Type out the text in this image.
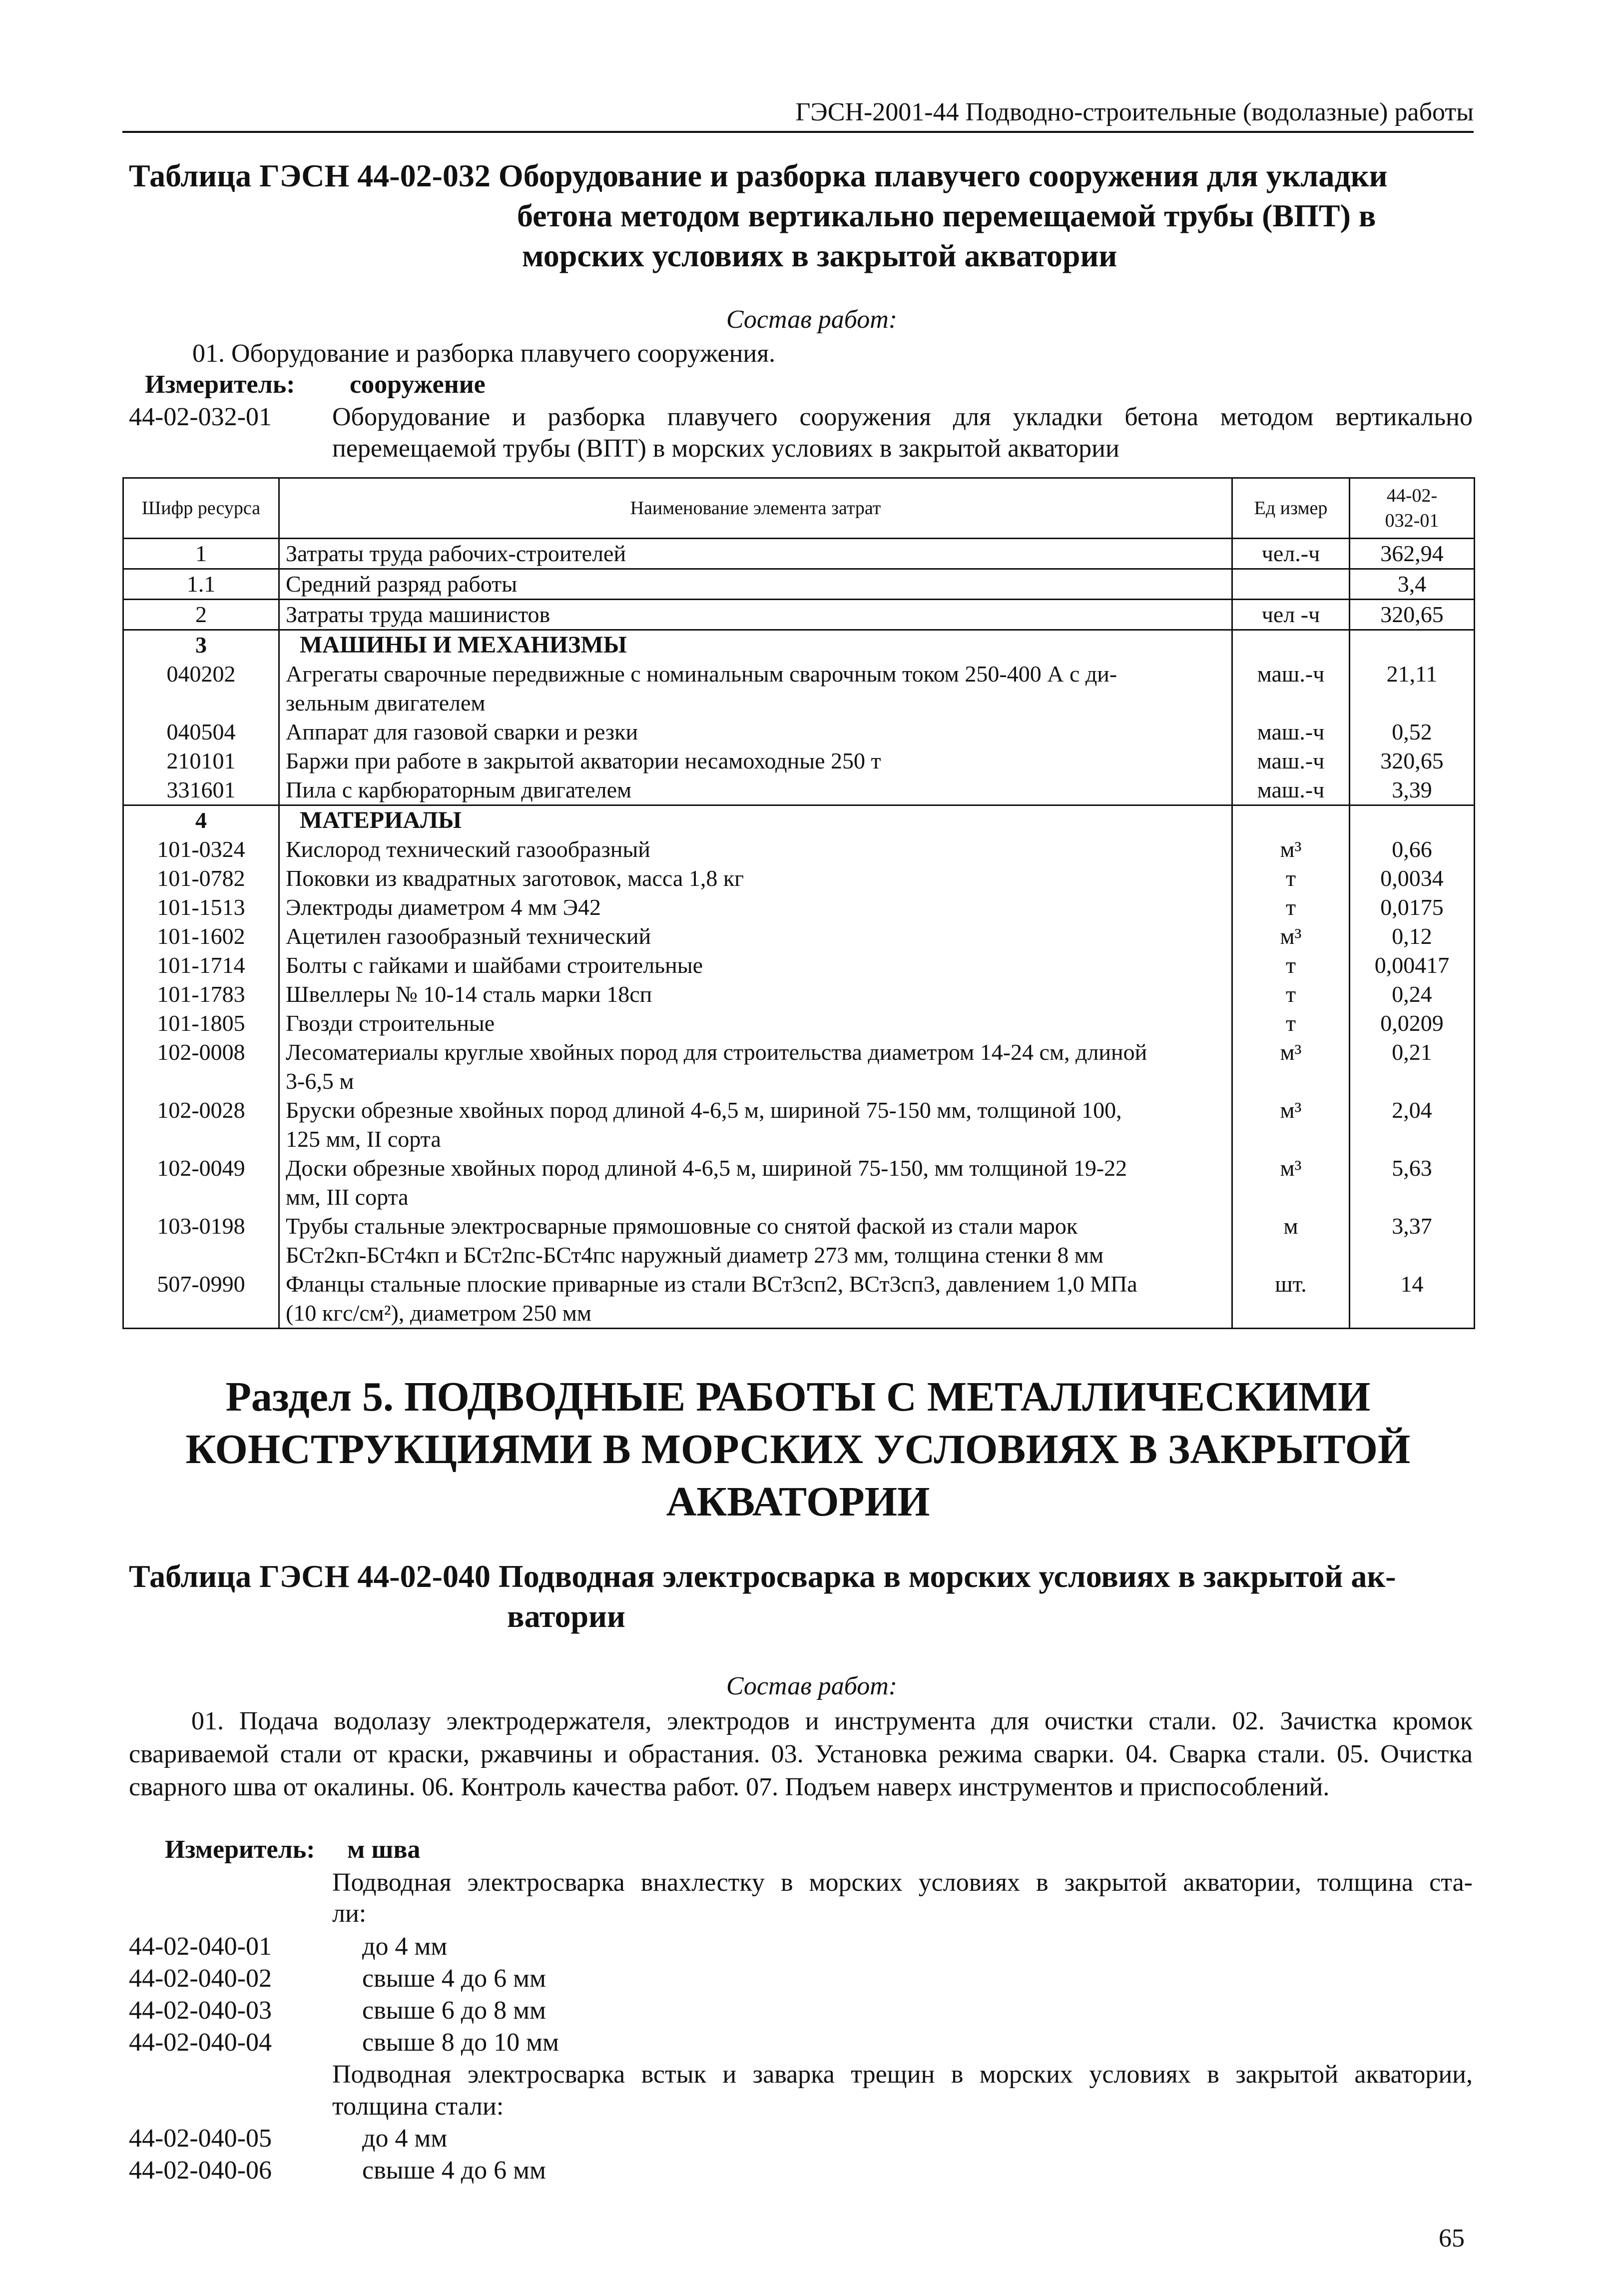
ГЭСН-2001-44 Подводно-строительные (водолазные) работы
Таблица ГЭСН 44-02-032 Оборудование и разборка плавучего сооружения для укладки
бетона методом вертикально перемещаемой трубы (ВПТ) в
морских условиях в закрытой акватории
Состав работ:
01. Оборудование и разборка плавучего сооружения.
Измеритель: сооружение
44-02-032-01 Оборудование и разборка плавучего сооружения для укладки бетона методом вертикально
перемещаемой трубы (ВПТ) в морских условиях в закрытой акватории
Шифр ресурса	Наименование элемента затрат	Ед измер	44-02-
032-01

1	Затраты труда рабочих-строителей	чел.-ч	362,94
1.1	Средний разряд работы		3,4
2	Затраты труда машинистов	чел -ч	320,65
3	МАШИНЫ И МЕХАНИЗМЫ		
040202	Агрегаты сварочные передвижные с номинальным сварочным током 250-400 А с ди-
зельным двигателем	маш.-ч	21,11
040504	Аппарат для газовой сварки и резки	маш.-ч	0,52
210101	Баржи при работе в закрытой акватории несамоходные 250 т	маш.-ч	320,65
331601	Пила с карбюраторным двигателем	маш.-ч	3,39
4	МАТЕРИАЛЫ		
101-0324	Кислород технический газообразный	м³	0,66
101-0782	Поковки из квадратных заготовок, масса 1,8 кг	т	0,0034
101-1513	Электроды диаметром 4 мм Э42	т	0,0175
101-1602	Ацетилен газообразный технический	м³	0,12
101-1714	Болты с гайками и шайбами строительные	т	0,00417
101-1783	Швеллеры № 10-14 сталь марки 18сп	т	0,24
101-1805	Гвозди строительные	т	0,0209
102-0008	Лесоматериалы круглые хвойных пород для строительства диаметром 14-24 см, длиной
3-6,5 м	м³	0,21
102-0028	Бруски обрезные хвойных пород длиной 4-6,5 м, шириной 75-150 мм, толщиной 100,
125 мм, II сорта	м³	2,04
102-0049	Доски обрезные хвойных пород длиной 4-6,5 м, шириной 75-150, мм толщиной 19-22
мм, III сорта	м³	5,63
103-0198	Трубы стальные электросварные прямошовные со снятой фаской из стали марок
БСт2кп-БСт4кп и БСт2пс-БСт4пс наружный диаметр 273 мм, толщина стенки 8 мм	м	3,37
507-0990	Фланцы стальные плоские приварные из стали ВСт3сп2, ВСт3сп3, давлением 1,0 МПа
(10 кгс/см²), диаметром 250 мм	шт.	14
Раздел 5. ПОДВОДНЫЕ РАБОТЫ С МЕТАЛЛИЧЕСКИМИ
КОНСТРУКЦИЯМИ В МОРСКИХ УСЛОВИЯХ В ЗАКРЫТОЙ
АКВАТОРИИ
Таблица ГЭСН 44-02-040 Подводная электросварка в морских условиях в закрытой ак-
ватории
Состав работ:
01. Подача водолазу электродержателя, электродов и инструмента для очистки стали. 02. Зачистка кромок свариваемой стали от краски, ржавчины и обрастания. 03. Установка режима сварки. 04. Сварка стали. 05. Очистка сварного шва от окалины. 06. Контроль качества работ. 07. Подъем наверх инструментов и приспособлений.
Измеритель: м шва
Подводная электросварка внахлестку в морских условиях в закрытой акватории, толщина ста-
ли:
44-02-040-01	до 4 мм
44-02-040-02	свыше 4 до 6 мм
44-02-040-03	свыше 6 до 8 мм
44-02-040-04	свыше 8 до 10 мм
Подводная электросварка встык и заварка трещин в морских условиях в закрытой акватории,
толщина стали:
44-02-040-05	до 4 мм
44-02-040-06	свыше 4 до 6 мм
65
